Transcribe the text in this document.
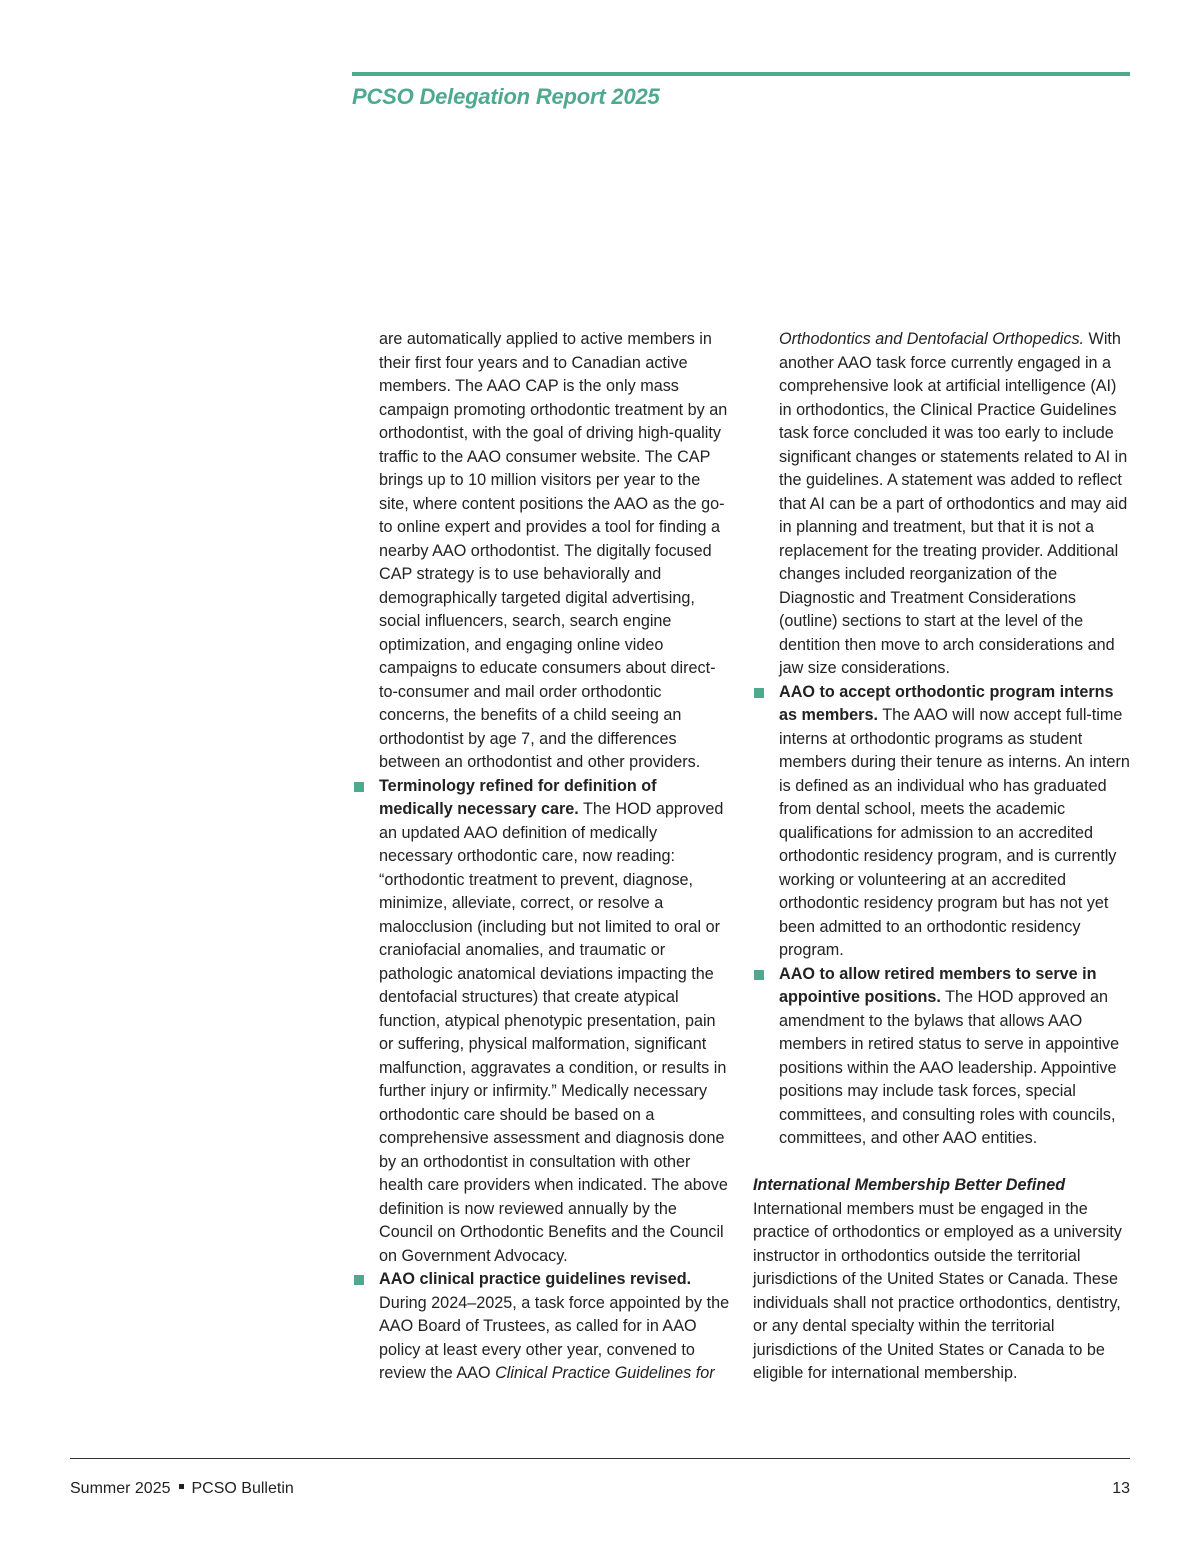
PCSO Delegation Report 2025

are automatically applied to active members in their first four years and to Canadian active members. The AAO CAP is the only mass campaign promoting orthodontic treatment by an orthodontist, with the goal of driving high-quality traffic to the AAO consumer website. The CAP brings up to 10 million visitors per year to the site, where content positions the AAO as the go-to online expert and provides a tool for finding a nearby AAO orthodontist. The digitally focused CAP strategy is to use behaviorally and demographically targeted digital advertising, social influencers, search, search engine optimization, and engaging online video campaigns to educate consumers about direct-to-consumer and mail order orthodontic concerns, the benefits of a child seeing an orthodontist by age 7, and the differences between an orthodontist and other providers.

Terminology refined for definition of medically necessary care. The HOD approved an updated AAO definition of medically necessary orthodontic care, now reading: “orthodontic treatment to prevent, diagnose, minimize, alleviate, correct, or resolve a malocclusion (including but not limited to oral or craniofacial anomalies, and traumatic or pathologic anatomical deviations impacting the dentofacial structures) that create atypical function, atypical phenotypic presentation, pain or suffering, physical malformation, significant malfunction, aggravates a condition, or results in further injury or infirmity.” Medically necessary orthodontic care should be based on a comprehensive assessment and diagnosis done by an orthodontist in consultation with other health care providers when indicated. The above definition is now reviewed annually by the Council on Orthodontic Benefits and the Council on Government Advocacy.

AAO clinical practice guidelines revised. During 2024–2025, a task force appointed by the AAO Board of Trustees, as called for in AAO policy at least every other year, convened to review the AAO Clinical Practice Guidelines for

Orthodontics and Dentofacial Orthopedics. With another AAO task force currently engaged in a comprehensive look at artificial intelligence (AI) in orthodontics, the Clinical Practice Guidelines task force concluded it was too early to include significant changes or statements related to AI in the guidelines. A statement was added to reflect that AI can be a part of orthodontics and may aid in planning and treatment, but that it is not a replacement for the treating provider. Additional changes included reorganization of the Diagnostic and Treatment Considerations (outline) sections to start at the level of the dentition then move to arch considerations and jaw size considerations.

AAO to accept orthodontic program interns as members. The AAO will now accept full-time interns at orthodontic programs as student members during their tenure as interns. An intern is defined as an individual who has graduated from dental school, meets the academic qualifications for admission to an accredited orthodontic residency program, and is currently working or volunteering at an accredited orthodontic residency program but has not yet been admitted to an orthodontic residency program.

AAO to allow retired members to serve in appointive positions. The HOD approved an amendment to the bylaws that allows AAO members in retired status to serve in appointive positions within the AAO leadership. Appointive positions may include task forces, special committees, and consulting roles with councils, committees, and other AAO entities.

International Membership Better Defined

International members must be engaged in the practice of orthodontics or employed as a university instructor in orthodontics outside the territorial jurisdictions of the United States or Canada. These individuals shall not practice orthodontics, dentistry, or any dental specialty within the territorial jurisdictions of the United States or Canada to be eligible for international membership.

Summer 2025 PCSO Bulletin	13
